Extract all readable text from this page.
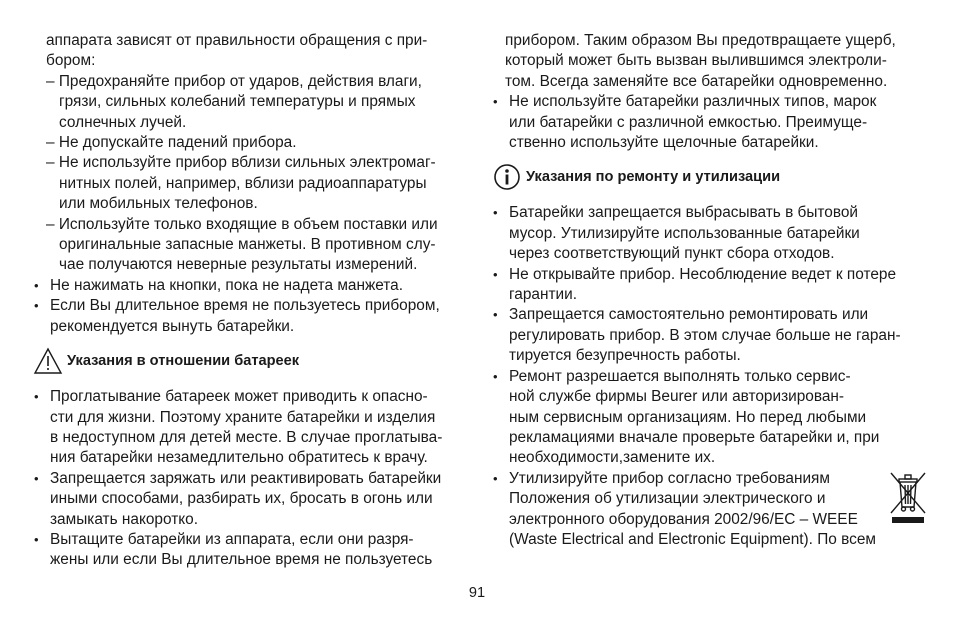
аппарата зависят от правильности обращения с при-
бором:

– Предохраняйте прибор от ударов, действия влаги,
грязи, сильных колебаний температуры и прямых
солнечных лучей.
– Не допускайте падений прибора.
– Не используйте прибор вблизи сильных электромаг-
нитных полей, например, вблизи радиоаппаратуры
или мобильных телефонов.
– Используйте только входящие в объем поставки или
оригинальные запасные манжеты. В противном слу-
чае получаются неверные результаты измерений.
• Не нажимать на кнопки, пока не надета манжета.
• Если Вы длительное время не пользуетесь прибором,
рекомендуется вынуть батарейки.
Указания в отношении батареек
• Проглатывание батареек может приводить к опасно-
сти для жизни. Поэтому храните батарейки и изделия
в недоступном для детей месте. В случае проглатыва-
ния батарейки незамедлительно обратитесь к врачу.
• Запрещается заряжать или реактивировать батарейки
иными способами, разбирать их, бросать в огонь или
замыкать накоротко.
• Вытащите батарейки из аппарата, если они разря-
жены или если Вы длительное время не пользуетесь

прибором. Таким образом Вы предотвращаете ущерб,
который может быть вызван вылившимся электроли-
том. Всегда заменяйте все батарейки одновременно.

• Не используйте батарейки различных типов, марок
или батарейки с различной емкостью. Преимуще-
ственно используйте щелочные батарейки.
Указания по ремонту и утилизации
• Батарейки запрещается выбрасывать в бытовой
мусор. Утилизируйте использованные батарейки
через соответствующий пункт сбора отходов.
• Не открывайте прибор. Несоблюдение ведет к потере
гарантии.
• Запрещается самостоятельно ремонтировать или
регулировать прибор. В этом случае больше не гаран-
тируется безупречность работы.
• Ремонт разрешается выполнять только сервис-
ной службе фирмы Beurer или авторизирован-
ным сервисным организациям. Но перед любыми
рекламациями вначале проверьте батарейки и, при
необходимости,замените их.
• Утилизируйте прибор согласно требованиям
Положения об утилизации электрического и
электронного оборудования 2002/96/EC – WEEE
(Waste Electrical and Electronic Equipment). По всем
91
